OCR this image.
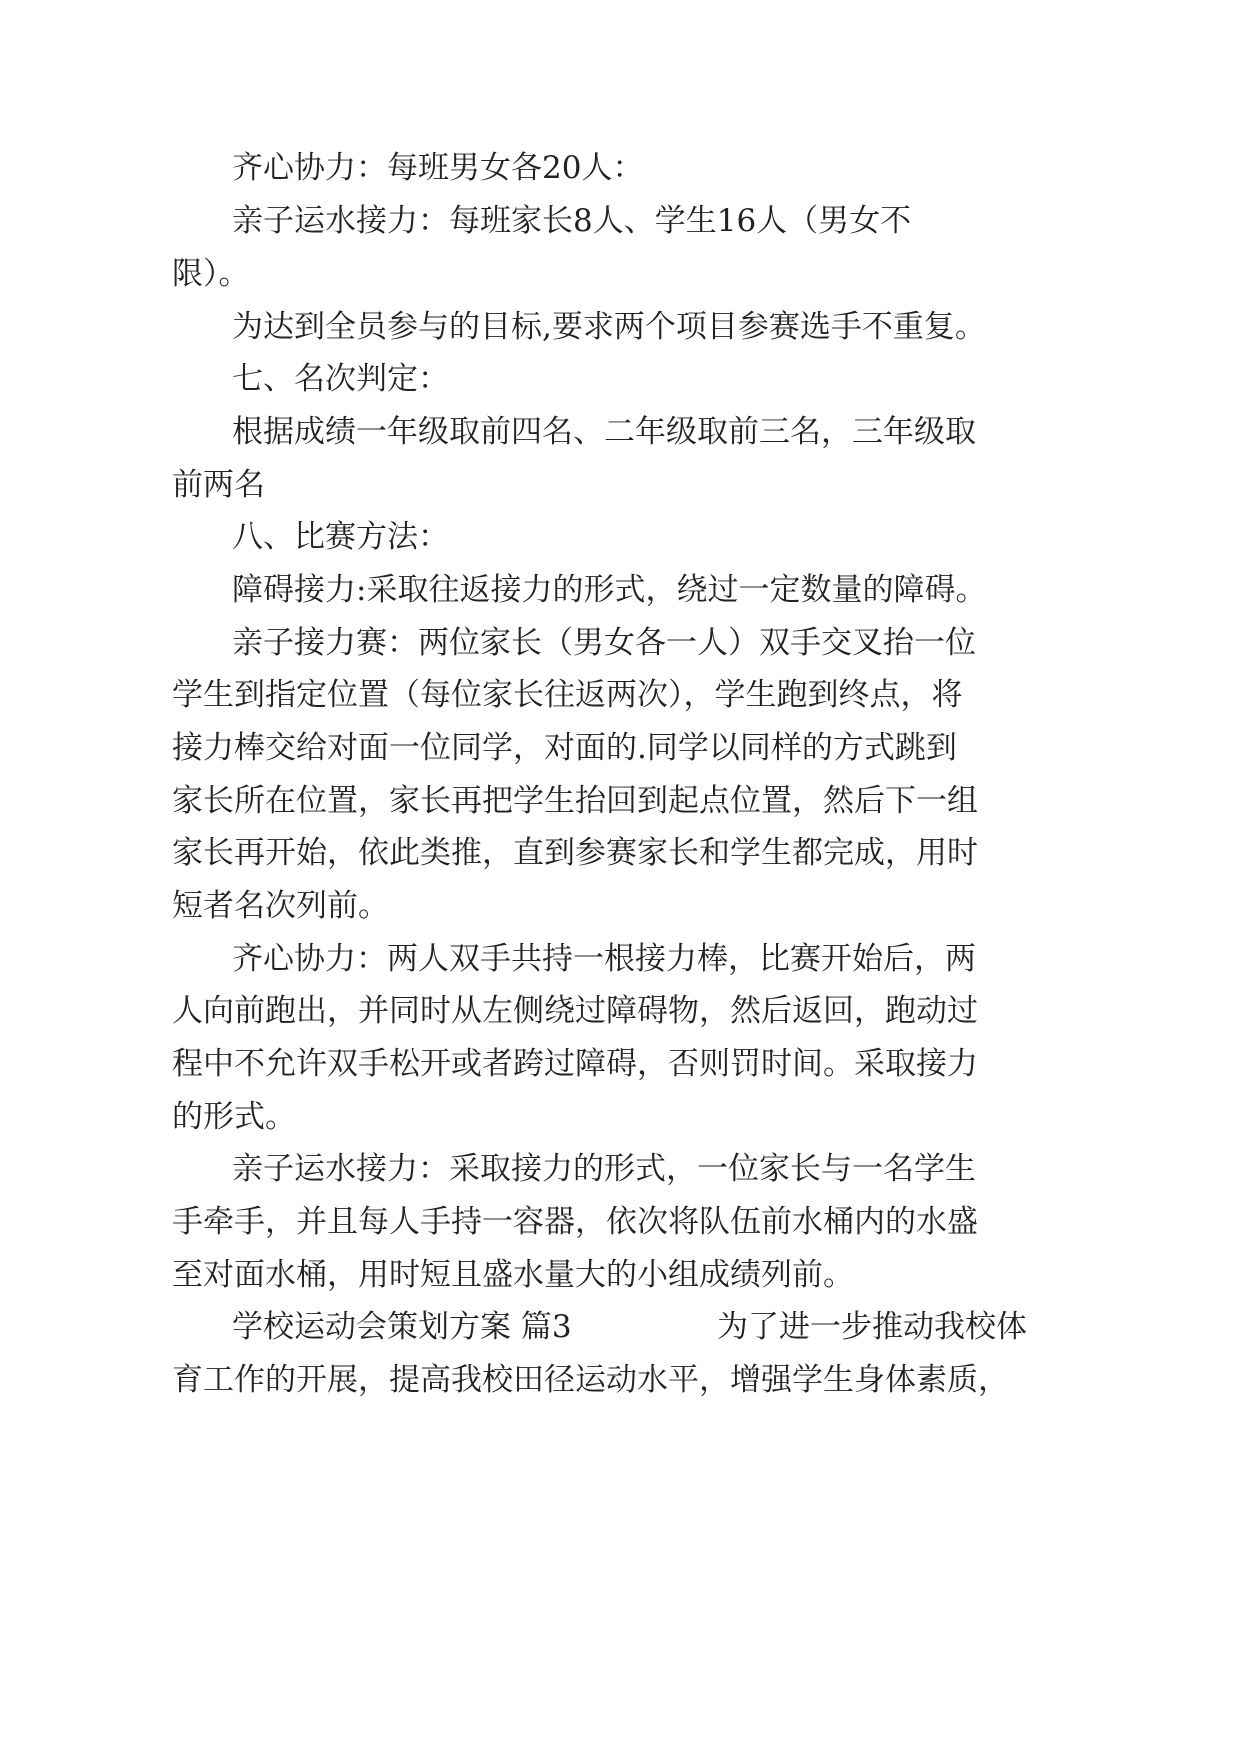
齐心协力：每班男女各20人：

亲子运水接力：每班家长8人、学生16人（男女不

限）。

为达到全员参与的目标,要求两个项目参赛选手不重复。

七、名次判定：

根据成绩一年级取前四名、二年级取前三名，三年级取

前两名

八、比赛方法：

障碍接力:采取往返接力的形式，绕过一定数量的障碍。

亲子接力赛：两位家长（男女各一人）双手交叉抬一位

学生到指定位置（每位家长往返两次），学生跑到终点，将

接力棒交给对面一位同学，对面的.同学以同样的方式跳到

家长所在位置，家长再把学生抬回到起点位置，然后下一组

家长再开始，依此类推，直到参赛家长和学生都完成，用时

短者名次列前。

齐心协力：两人双手共持一根接力棒，比赛开始后，两

人向前跑出，并同时从左侧绕过障碍物，然后返回，跑动过

程中不允许双手松开或者跨过障碍，否则罚时间。采取接力

的形式。

亲子运水接力：采取接力的形式，一位家长与一名学生

手牵手，并且每人手持一容器，依次将队伍前水桶内的水盛

至对面水桶，用时短且盛水量大的小组成绩列前。

学校运动会策划方案 篇3	为了进一步推动我校体

育工作的开展，提高我校田径运动水平，增强学生身体素质，
